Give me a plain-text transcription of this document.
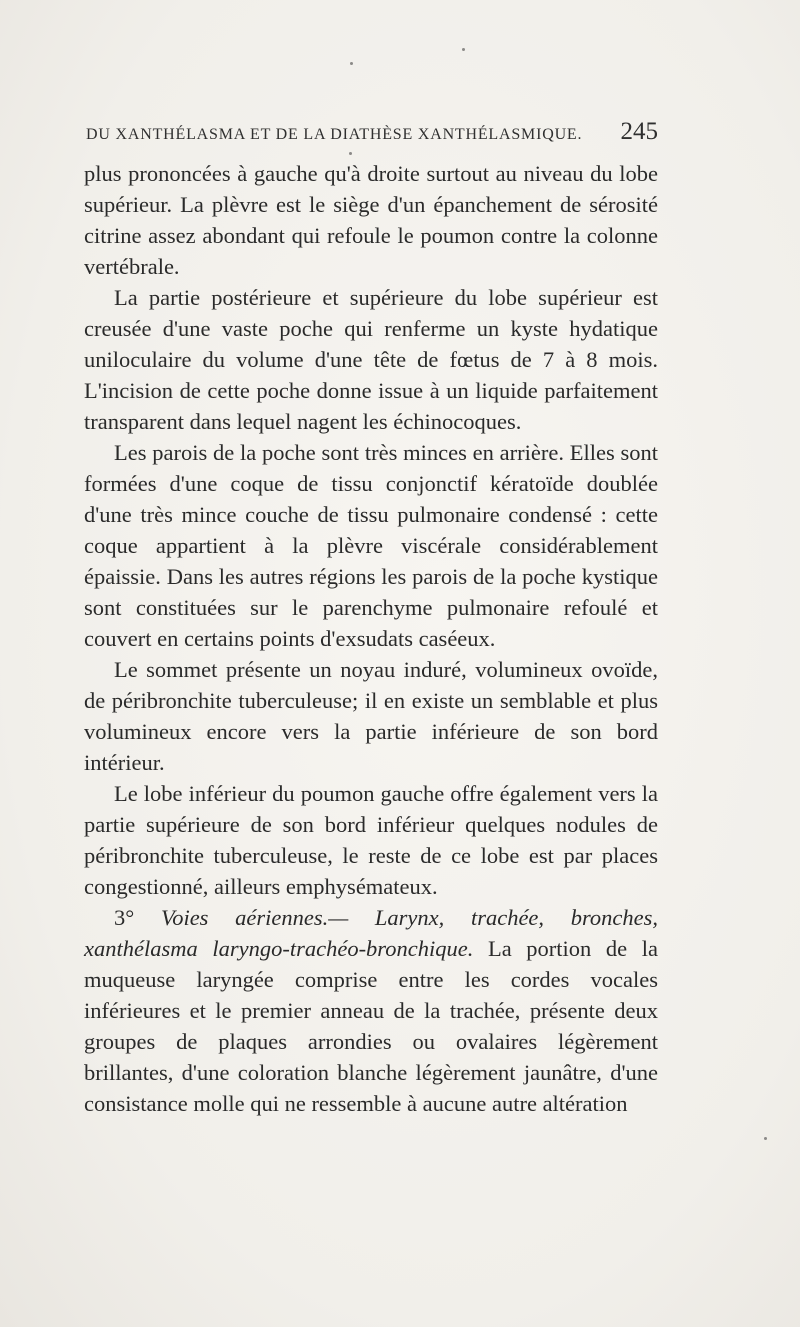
DU XANTHÉLASMA ET DE LA DIATHÈSE XANTHÉLASMIQUE. 245

plus prononcées à gauche qu'à droite surtout au niveau du lobe supérieur. La plèvre est le siège d'un épanchement de sérosité citrine assez abondant qui refoule le poumon contre la colonne vertébrale.

La partie postérieure et supérieure du lobe supérieur est creusée d'une vaste poche qui renferme un kyste hydatique uniloculaire du volume d'une tête de fœtus de 7 à 8 mois. L'incision de cette poche donne issue à un liquide parfaitement transparent dans lequel nagent les échinocoques.

Les parois de la poche sont très minces en arrière. Elles sont formées d'une coque de tissu conjonctif kératoïde doublée d'une très mince couche de tissu pulmonaire condensé : cette coque appartient à la plèvre viscérale considérablement épaissie. Dans les autres régions les parois de la poche kystique sont constituées sur le parenchyme pulmonaire refoulé et couvert en certains points d'exsudats caséeux.

Le sommet présente un noyau induré, volumineux ovoïde, de péribronchite tuberculeuse; il en existe un semblable et plus volumineux encore vers la partie inférieure de son bord intérieur.

Le lobe inférieur du poumon gauche offre également vers la partie supérieure de son bord inférieur quelques nodules de péribronchite tuberculeuse, le reste de ce lobe est par places congestionné, ailleurs emphysémateux.

3° Voies aériennes.— Larynx, trachée, bronches, xanthélasma laryngo-trachéo-bronchique. La portion de la muqueuse laryngée comprise entre les cordes vocales inférieures et le premier anneau de la trachée, présente deux groupes de plaques arrondies ou ovalaires légèrement brillantes, d'une coloration blanche légèrement jaunâtre, d'une consistance molle qui ne ressemble à aucune autre altération
